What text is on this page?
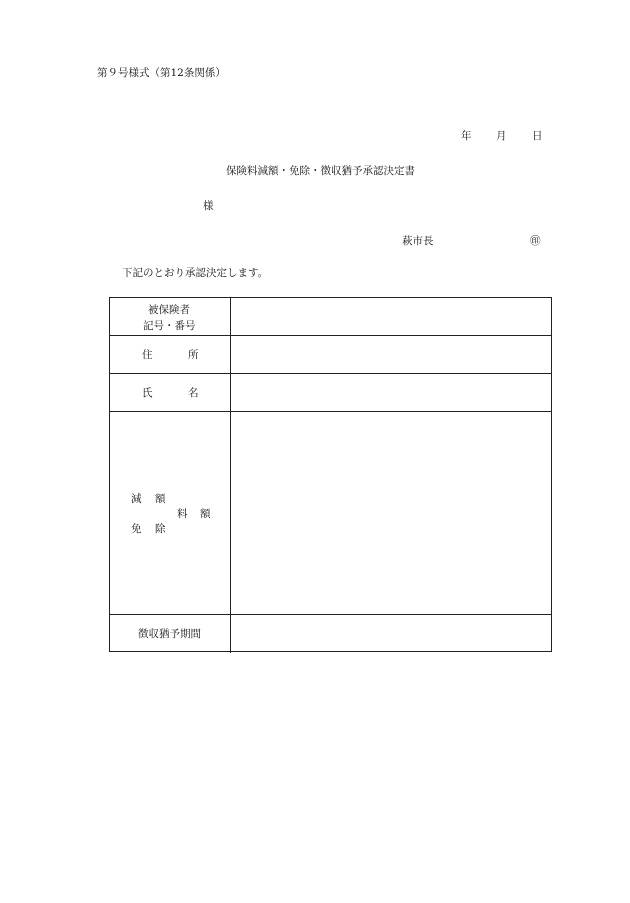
第９号様式（第12条関係）
年 月 日
保険料減額・免除・徴収猶予承認決定書
様
萩市長	㊞
下記のとおり承認決定します。
被保険者
記号・番号
住	所
氏	名
減 額
料 額
免 除
徴収猶予期間
